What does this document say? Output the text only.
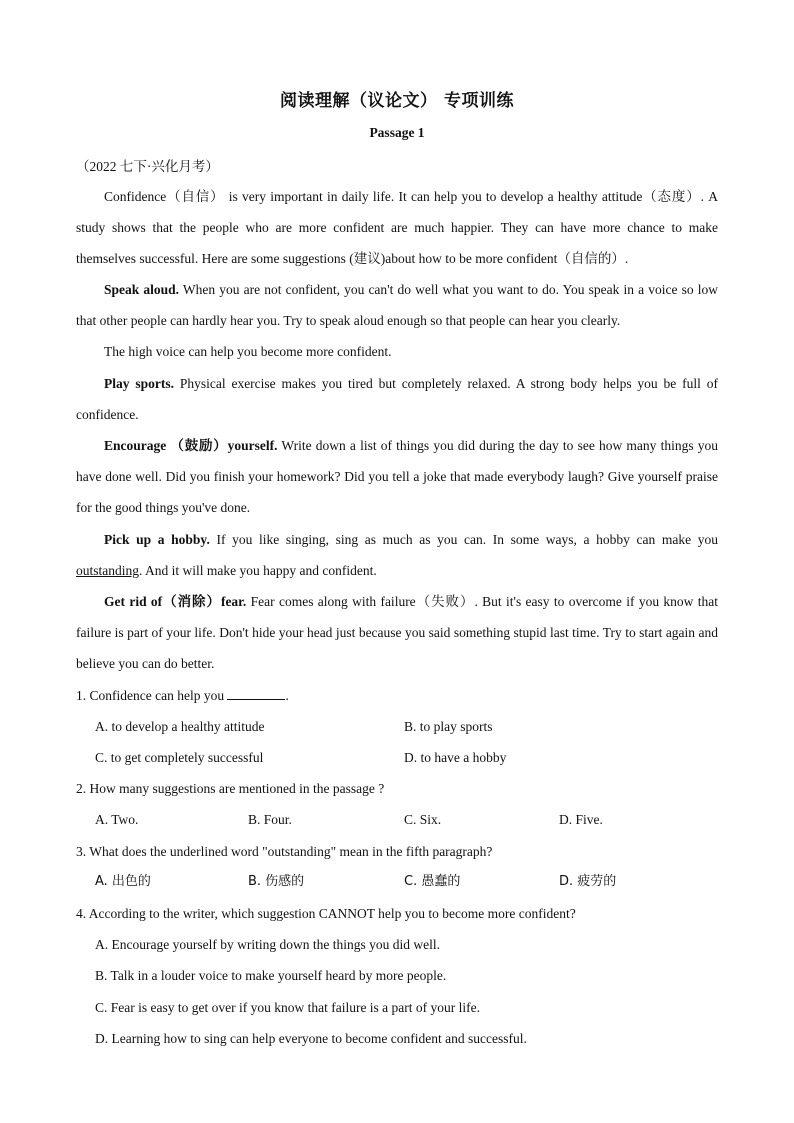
阅读理解（议论文） 专项训练
Passage 1
（2022 七下·兴化月考）
Confidence（自信） is very important in daily life. It can help you to develop a healthy attitude（态度）. A study shows that the people who are more confident are much happier. They can have more chance to make themselves successful. Here are some suggestions (建议)about how to be more confident（自信的）.
Speak aloud. When you are not confident, you can't do well what you want to do. You speak in a voice so low that other people can hardly hear you. Try to speak aloud enough so that people can hear you clearly.
The high voice can help you become more confident.
Play sports. Physical exercise makes you tired but completely relaxed. A strong body helps you be full of confidence.
Encourage （鼓励）yourself. Write down a list of things you did during the day to see how many things you have done well. Did you finish your homework? Did you tell a joke that made everybody laugh? Give yourself praise for the good things you've done.
Pick up a hobby. If you like singing, sing as much as you can. In some ways, a hobby can make you outstanding. And it will make you happy and confident.
Get rid of（消除）fear. Fear comes along with failure（失败）. But it's easy to overcome if you know that failure is part of your life. Don't hide your head just because you said something stupid last time. Try to start again and believe you can do better.
1. Confidence can help you	.
A. to develop a healthy attitude	B. to play sports
C. to get completely successful	D. to have a hobby
2. How many suggestions are mentioned in the passage ?
A. Two.	B. Four.	C. Six.	D. Five.
3. What does the underlined word "outstanding" mean in the fifth paragraph?
A. 出色的	B. 伤感的	C. 愚蠢的	D. 疲劳的
4. According to the writer, which suggestion CANNOT help you to become more confident?
A. Encourage yourself by writing down the things you did well.
B. Talk in a louder voice to make yourself heard by more people.
C. Fear is easy to get over if you know that failure is a part of your life.
D. Learning how to sing can help everyone to become confident and successful.
